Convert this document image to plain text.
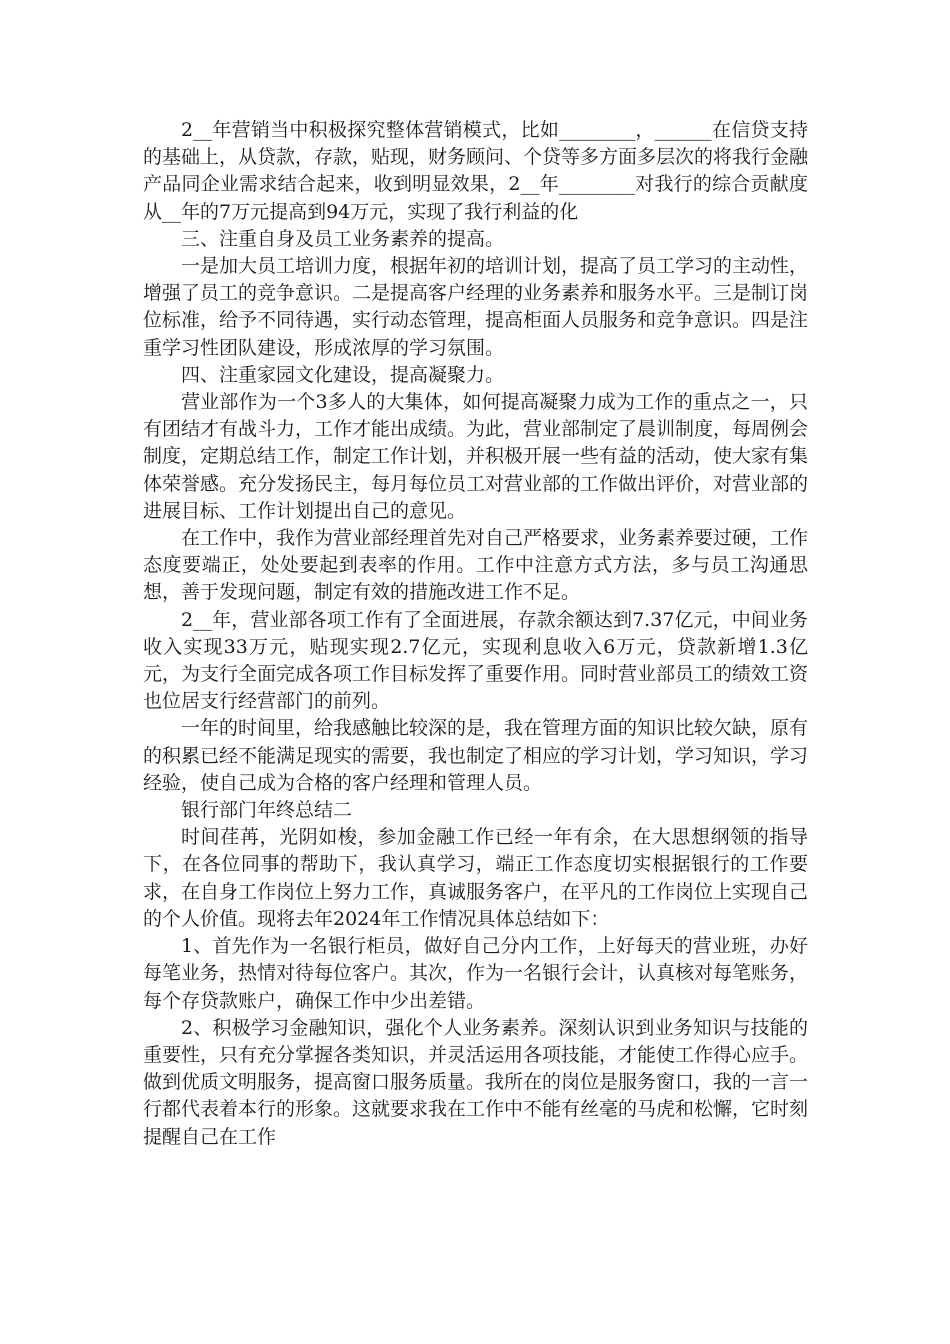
2__年营销当中积极探究整体营销模式，比如________，______在信贷支持的基础上，从贷款，存款，贴现，财务顾问、个贷等多方面多层次的将我行金融产品同企业需求结合起来，收到明显效果，2__年________对我行的综合贡献度从__年的7万元提高到94万元，实现了我行利益的化

三、注重自身及员工业务素养的提高。

一是加大员工培训力度，根据年初的培训计划，提高了员工学习的主动性，增强了员工的竞争意识。二是提高客户经理的业务素养和服务水平。三是制订岗位标准，给予不同待遇，实行动态管理，提高柜面人员服务和竞争意识。四是注重学习性团队建设，形成浓厚的学习氛围。

四、注重家园文化建设，提高凝聚力。

营业部作为一个3多人的大集体，如何提高凝聚力成为工作的重点之一，只有团结才有战斗力，工作才能出成绩。为此，营业部制定了晨训制度，每周例会制度，定期总结工作，制定工作计划，并积极开展一些有益的活动，使大家有集体荣誉感。充分发扬民主，每月每位员工对营业部的工作做出评价，对营业部的进展目标、工作计划提出自己的意见。

在工作中，我作为营业部经理首先对自己严格要求，业务素养要过硬，工作态度要端正，处处要起到表率的作用。工作中注意方式方法，多与员工沟通思想，善于发现问题，制定有效的措施改进工作不足。

2__年，营业部各项工作有了全面进展，存款余额达到7.37亿元，中间业务收入实现33万元，贴现实现2.7亿元，实现利息收入6万元，贷款新增1.3亿元，为支行全面完成各项工作目标发挥了重要作用。同时营业部员工的绩效工资也位居支行经营部门的前列。

一年的时间里，给我感触比较深的是，我在管理方面的知识比较欠缺，原有的积累已经不能满足现实的需要，我也制定了相应的学习计划，学习知识，学习经验，使自己成为合格的客户经理和管理人员。

银行部门年终总结二

时间荏苒，光阴如梭，参加金融工作已经一年有余，在大思想纲领的指导下，在各位同事的帮助下，我认真学习，端正工作态度切实根据银行的工作要求，在自身工作岗位上努力工作，真诚服务客户，在平凡的工作岗位上实现自己的个人价值。现将去年2024年工作情况具体总结如下：

1、首先作为一名银行柜员，做好自己分内工作，上好每天的营业班，办好每笔业务，热情对待每位客户。其次，作为一名银行会计，认真核对每笔账务，每个存贷款账户，确保工作中少出差错。

2、积极学习金融知识，强化个人业务素养。深刻认识到业务知识与技能的重要性，只有充分掌握各类知识，并灵活运用各项技能，才能使工作得心应手。做到优质文明服务，提高窗口服务质量。我所在的岗位是服务窗口，我的一言一行都代表着本行的形象。这就要求我在工作中不能有丝毫的马虎和松懈，它时刻提醒自己在工作
